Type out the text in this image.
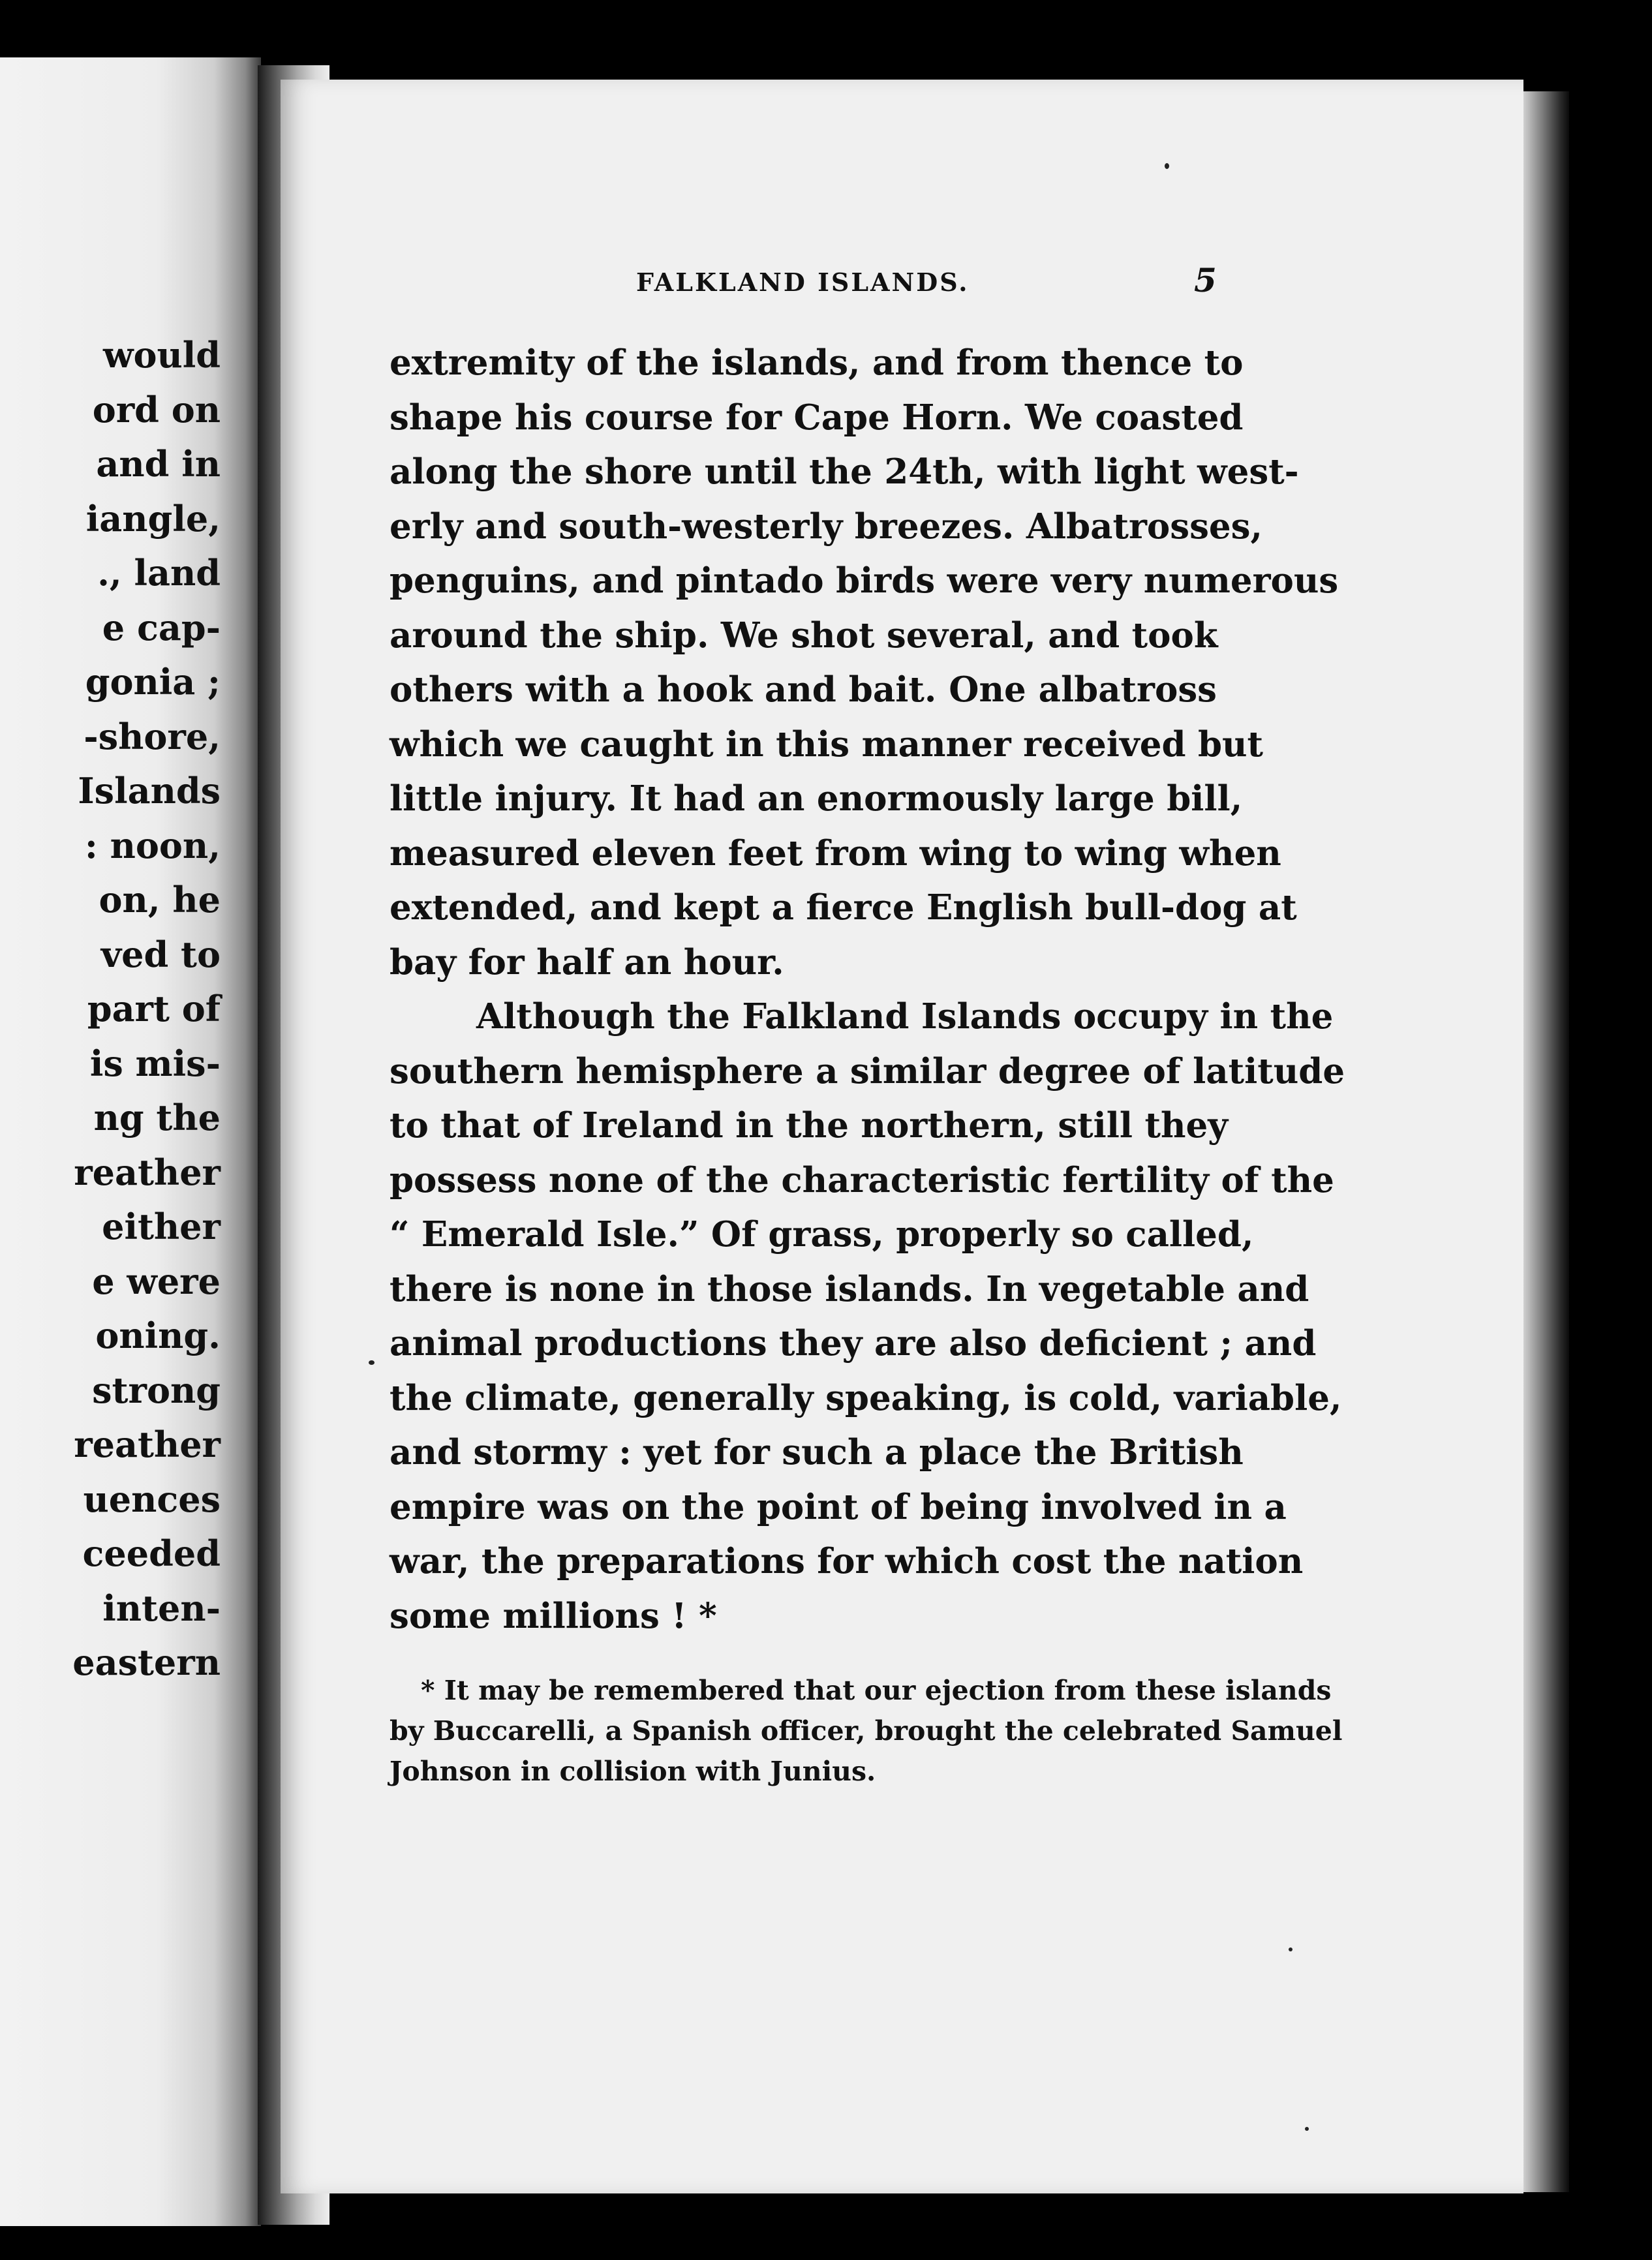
would
ord on
and in
iangle,
., land
e cap-
gonia ;
-shore,
Islands
: noon,
on, he
ved to
part of
is mis-
ng the
reather
either
e were
oning.
strong
reather
uences
ceeded
inten-
eastern
FALKLAND ISLANDS.	5
extremity of the islands, and from thence to
shape his course for Cape Horn. We coasted
along the shore until the 24th, with light west-
erly and south-westerly breezes. Albatrosses,
penguins, and pintado birds were very numerous
around the ship. We shot several, and took
others with a hook and bait. One albatross
which we caught in this manner received but
little injury. It had an enormously large bill,
measured eleven feet from wing to wing when
extended, and kept a fierce English bull-dog at
bay for half an hour.
Although the Falkland Islands occupy in the
southern hemisphere a similar degree of latitude
to that of Ireland in the northern, still they
possess none of the characteristic fertility of the
“ Emerald Isle.” Of grass, properly so called,
there is none in those islands. In vegetable and
animal productions they are also deficient ; and
the climate, generally speaking, is cold, variable,
and stormy : yet for such a place the British
empire was on the point of being involved in a
war, the preparations for which cost the nation
some millions ! *
* It may be remembered that our ejection from these islands
by Buccarelli, a Spanish officer, brought the celebrated Samuel
Johnson in collision with Junius.
